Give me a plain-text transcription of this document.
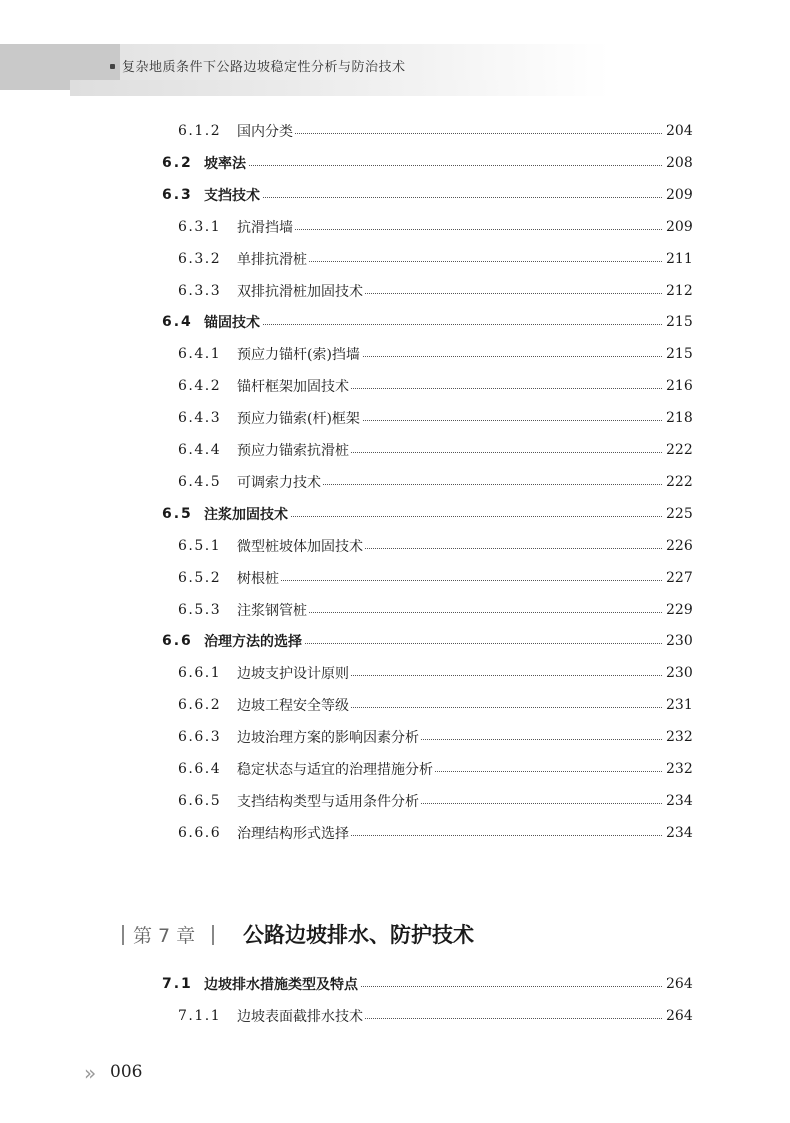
复杂地质条件下公路边坡稳定性分析与防治技术
6.1.2 国内分类	204
6.2 坡率法	208
6.3 支挡技术	209
6.3.1 抗滑挡墙	209
6.3.2 单排抗滑桩	211
6.3.3 双排抗滑桩加固技术	212
6.4 锚固技术	215
6.4.1 预应力锚杆(索)挡墙	215
6.4.2 锚杆框架加固技术	216
6.4.3 预应力锚索(杆)框架	218
6.4.4 预应力锚索抗滑桩	222
6.4.5 可调索力技术	222
6.5 注浆加固技术	225
6.5.1 微型桩坡体加固技术	226
6.5.2 树根桩	227
6.5.3 注浆钢管桩	229
6.6 治理方法的选择	230
6.6.1 边坡支护设计原则	230
6.6.2 边坡工程安全等级	231
6.6.3 边坡治理方案的影响因素分析	232
6.6.4 稳定状态与适宜的治理措施分析	232
6.6.5 支挡结构类型与适用条件分析	234
6.6.6 治理结构形式选择	234
7.1 边坡排水措施类型及特点	264
7.1.1 边坡表面截排水技术	264
第 7 章 公路边坡排水、防护技术
» 006
